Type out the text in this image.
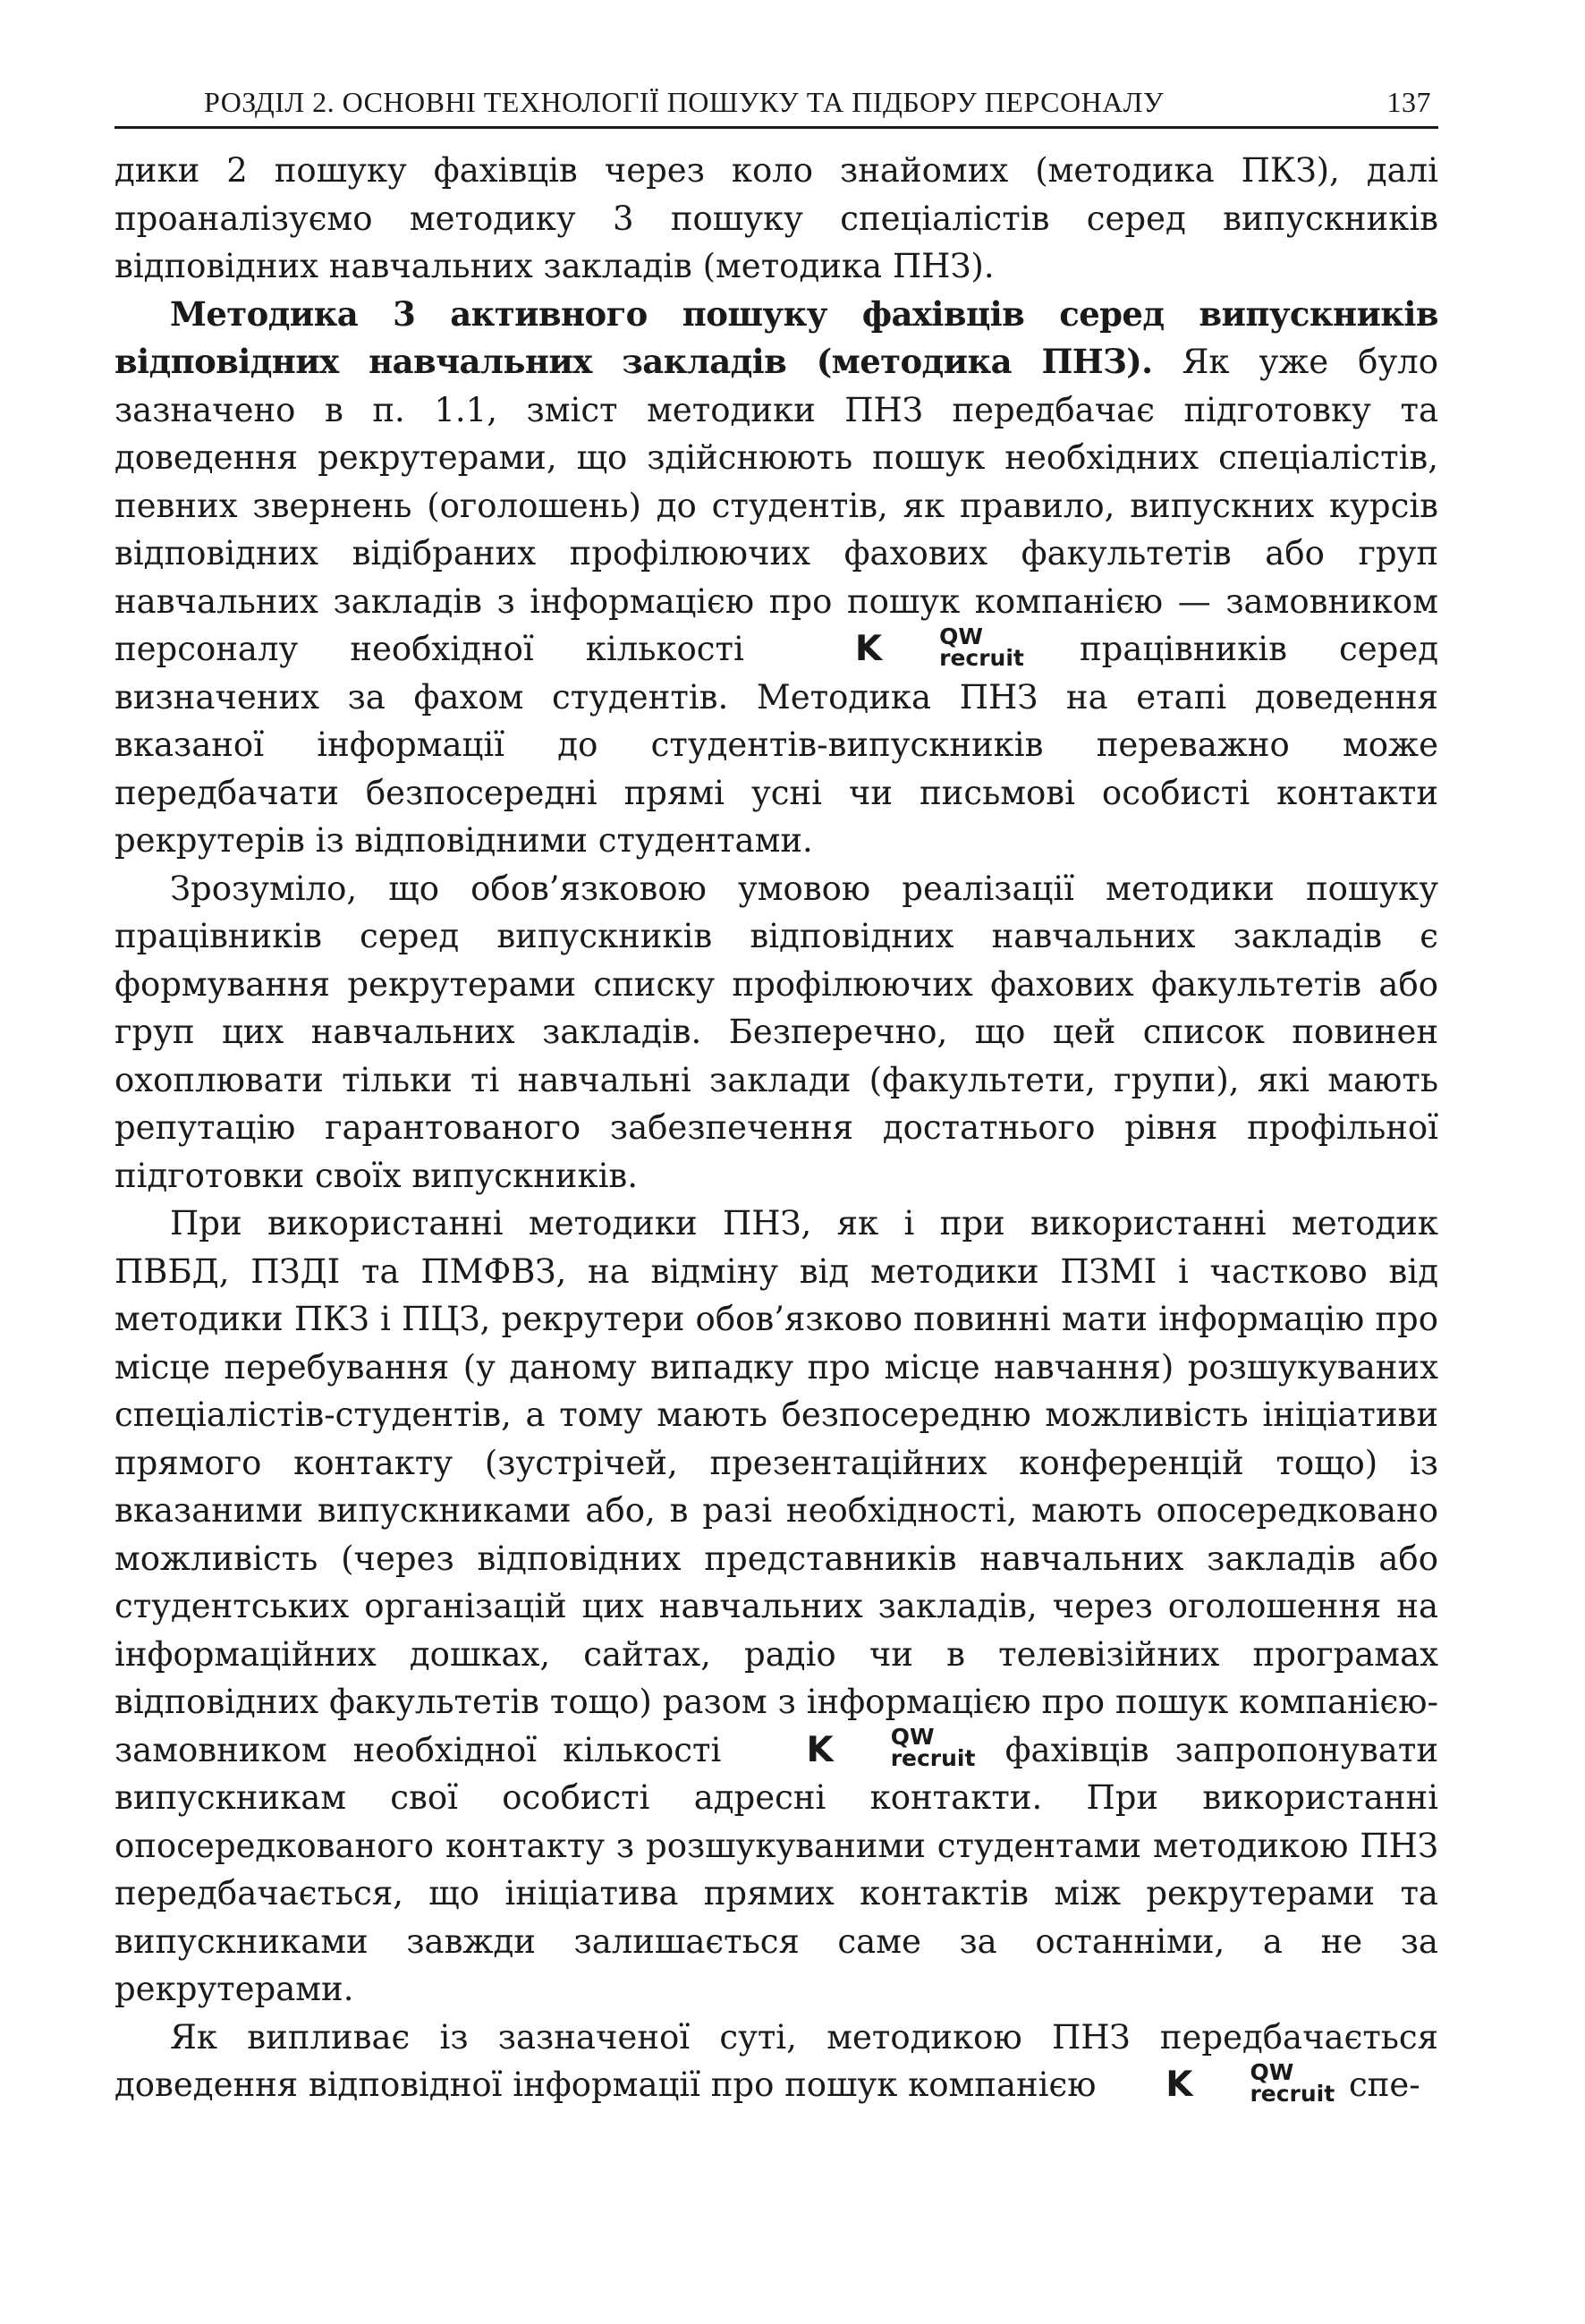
РОЗДІЛ 2. ОСНОВНІ ТЕХНОЛОГІЇ ПОШУКУ ТА ПІДБОРУ ПЕРСОНАЛУ	137

дики 2 пошуку фахівців через коло знайомих (методика ПКЗ), далі проаналізуємо методику 3 пошуку спеціалістів серед випускників відповідних навчальних закладів (методика ПНЗ).

Методика 3 активного пошуку фахівців серед випускників відповідних навчальних закладів (методика ПНЗ). Як уже було зазначено в п. 1.1, зміст методики ПНЗ передбачає підготовку та доведення рекрутерами, що здійснюють пошук необхідних спеціалістів, певних звернень (оголошень) до студентів, як правило, випускних курсів відповідних відібраних профілюючих фахових факультетів або груп навчальних закладів з інформацією про пошук компанією — замовником персоналу необхідної кількості	K	QW
recruit працівників серед визначених за фахом студентів. Методика ПНЗ на етапі доведення вказаної інформації до студентів-випускників переважно може передбачати безпосередні прямі усні чи письмові особисті контакти рекрутерів із відповідними студентами.

Зрозуміло, що обов’язковою умовою реалізації методики пошуку працівників серед випускників відповідних навчальних закладів є формування рекрутерами списку профілюючих фахових факультетів або груп цих навчальних закладів. Безперечно, що цей список повинен охоплювати тільки ті навчальні заклади (факультети, групи), які мають репутацію гарантованого забезпечення достатнього рівня профільної підготовки своїх випускників.

При використанні методики ПНЗ, як і при використанні методик ПВБД, ПЗДІ та ПМФВЗ, на відміну від методики ПЗМІ і частково від методики ПКЗ і ПЦЗ, рекрутери обов’язково повинні мати інформацію про місце перебування (у даному випадку про місце навчання) розшукуваних спеціалістів-студентів, а тому мають безпосередню можливість ініціативи прямого контакту (зустрічей, презентаційних конференцій тощо) із вказаними випускниками або, в разі необхідності, мають опосередковано можливість (через відповідних представників навчальних закладів або студентських організацій цих навчальних закладів, через оголошення на інформаційних дошках, сайтах, радіо чи в телевізійних програмах відповідних факультетів тощо) разом з інформацією про пошук компанією-замовником необхідної кількості K	QW
recruit фахівців запропонувати випускникам свої особисті адресні контакти. При використанні опосередкованого контакту з розшукуваними студентами методикою ПНЗ передбачається, що ініціатива прямих контактів між рекрутерами та випускниками завжди залишається саме за останніми, а не за рекрутерами.

Як випливає із зазначеної суті, методикою ПНЗ передбачається доведення відповідної інформації про пошук компанією K	QW
recruit спе-
